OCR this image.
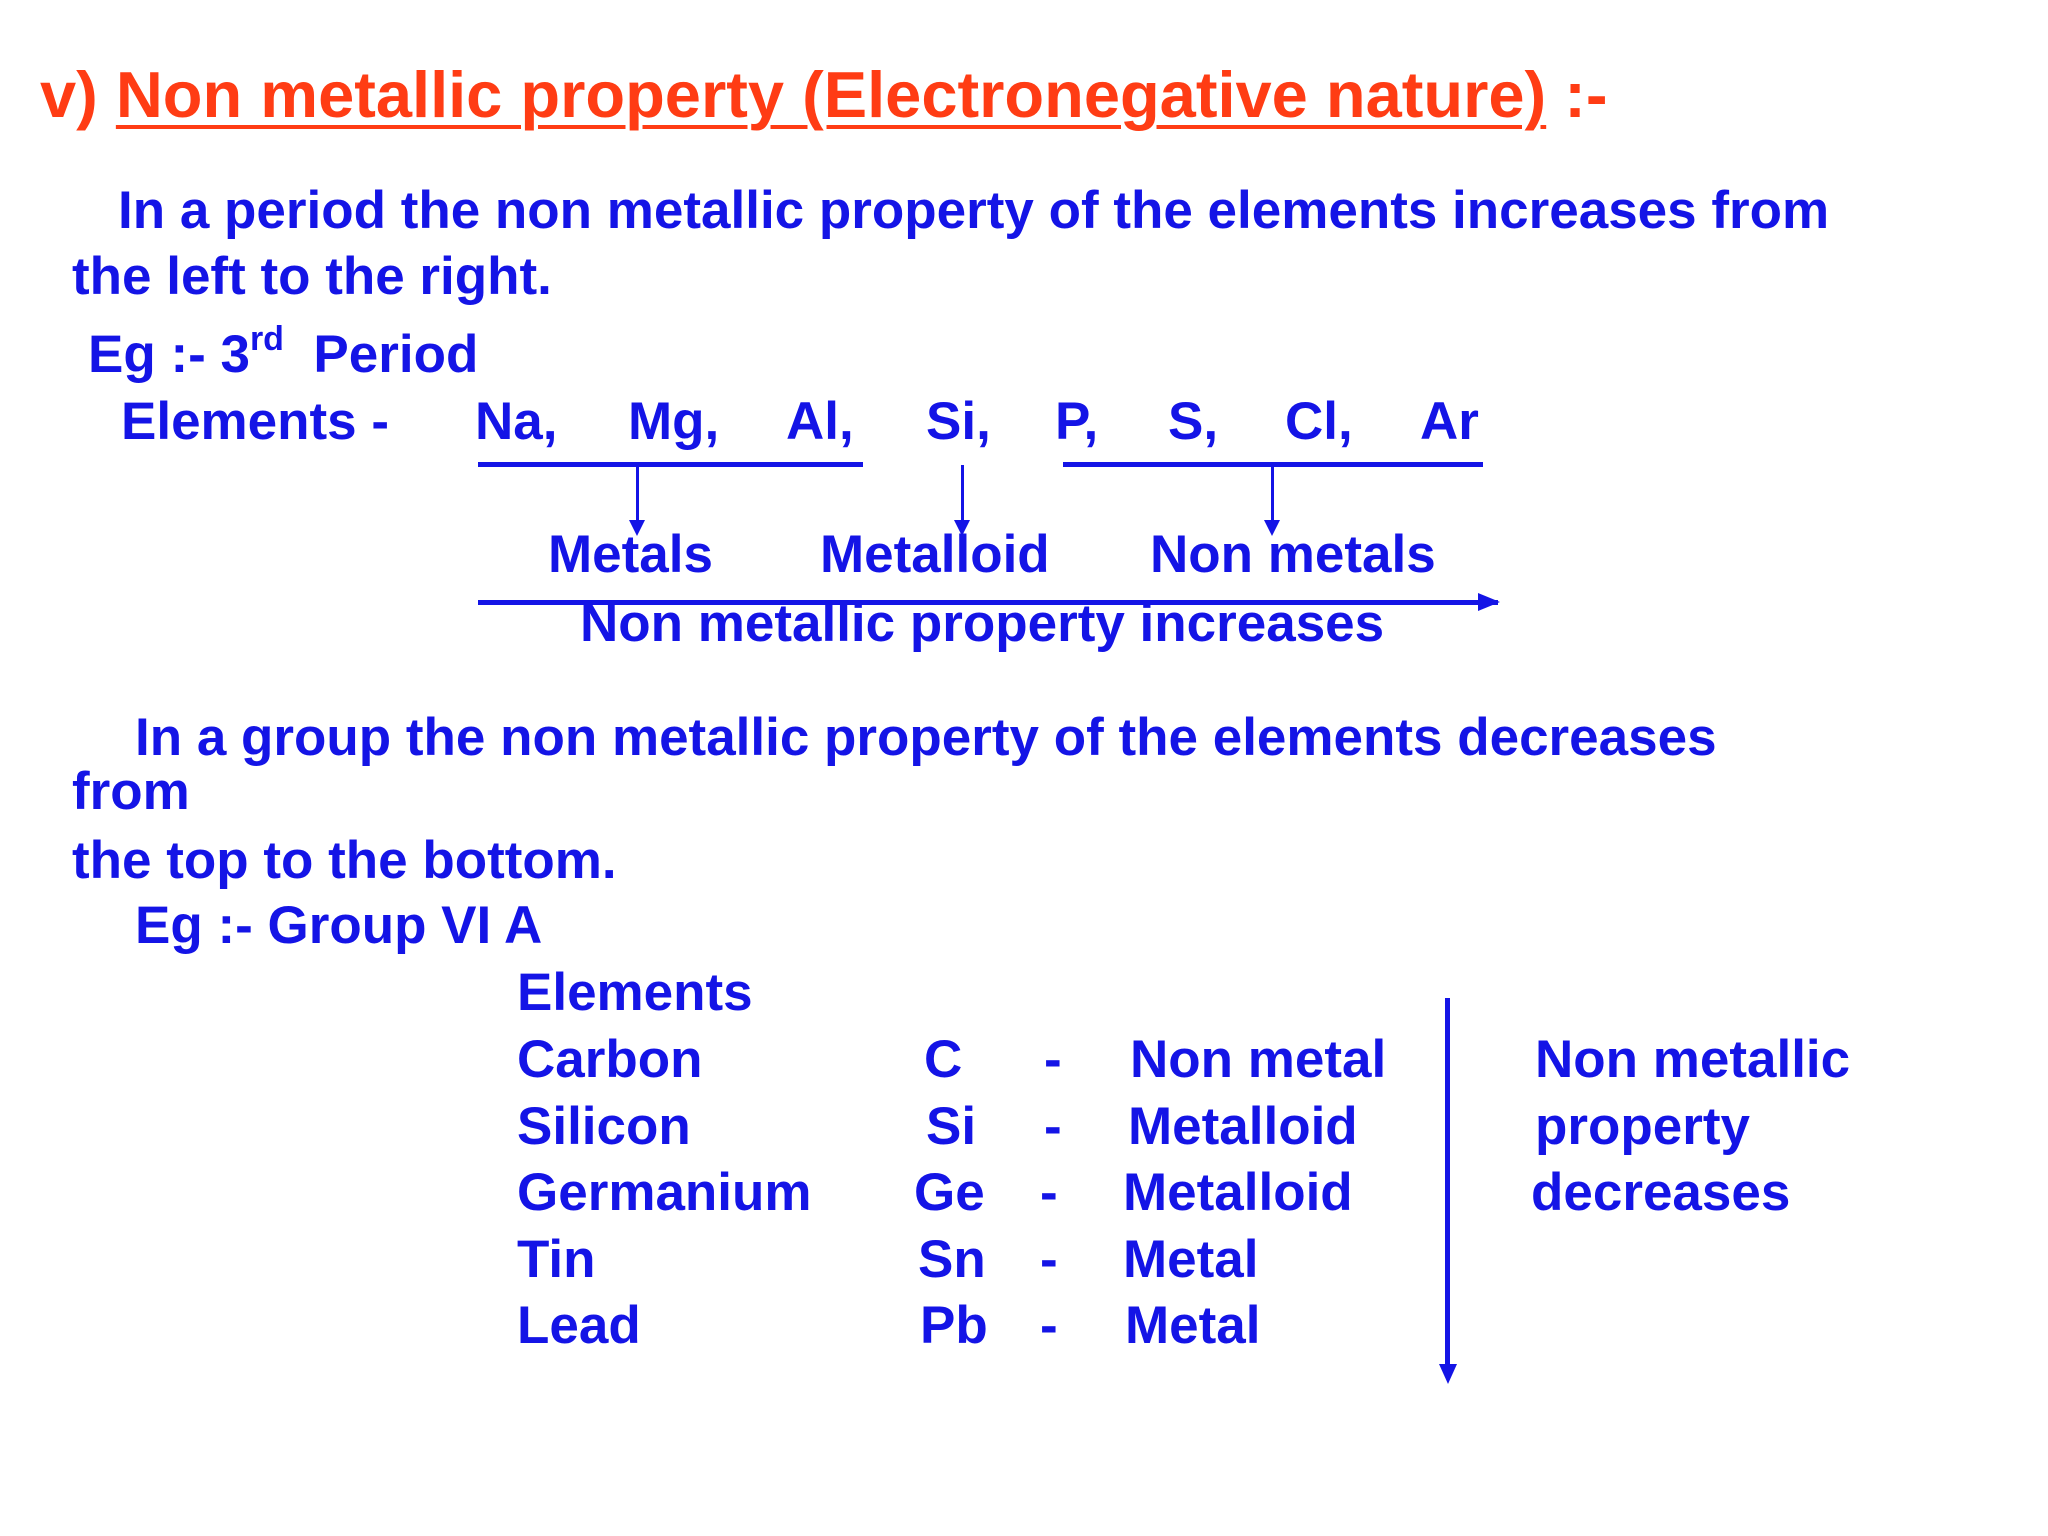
v) Non metallic property (Electronegative nature) :-
In a period the non metallic property of the elements increases from
the left to the right.
Eg :- 3rd Period
Elements - Na, Mg, Al, Si, P, S, Cl, Ar
Metals Metalloid Non metals
Non metallic property increases
In a group the non metallic property of the elements decreases
from
the top to the bottom.
Eg :- Group VI A
Elements
Carbon	C - Non metal
Silicon	Si - Metalloid
Germanium Ge - Metalloid
Tin	Sn - Metal
Lead	Pb - Metal
Non metallic
property
decreases
